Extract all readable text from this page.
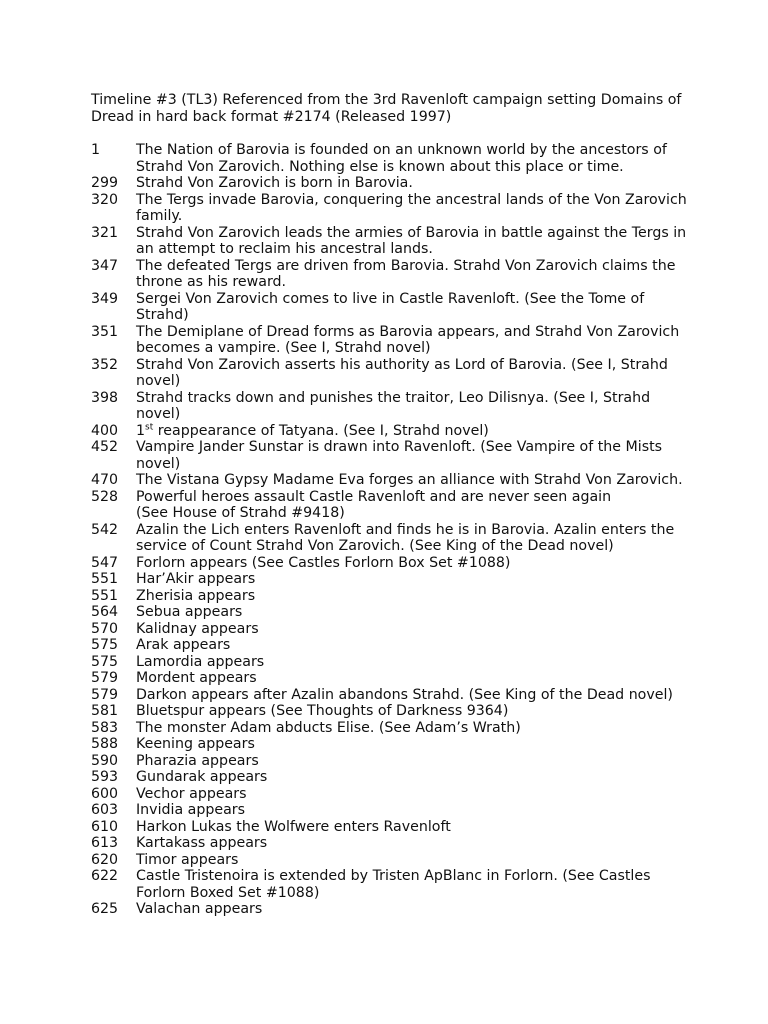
Timeline #3 (TL3) Referenced from the 3rd Ravenloft campaign setting Domains of Dread in hard back format #2174 (Released 1997)

1	The Nation of Barovia is founded on an unknown world by the ancestors of Strahd Von Zarovich. Nothing else is known about this place or time.
299	Strahd Von Zarovich is born in Barovia.
320	The Tergs invade Barovia, conquering the ancestral lands of the Von Zarovich family.
321	Strahd Von Zarovich leads the armies of Barovia in battle against the Tergs in an attempt to reclaim his ancestral lands.
347	The defeated Tergs are driven from Barovia. Strahd Von Zarovich claims the throne as his reward.
349	Sergei Von Zarovich comes to live in Castle Ravenloft. (See the Tome of Strahd)
351	The Demiplane of Dread forms as Barovia appears, and Strahd Von Zarovich becomes a vampire. (See I, Strahd novel)
352	Strahd Von Zarovich asserts his authority as Lord of Barovia. (See I, Strahd novel)
398	Strahd tracks down and punishes the traitor, Leo Dilisnya. (See I, Strahd novel)
400	1st reappearance of Tatyana. (See I, Strahd novel)
452	Vampire Jander Sunstar is drawn into Ravenloft. (See Vampire of the Mists novel)
470	The Vistana Gypsy Madame Eva forges an alliance with Strahd Von Zarovich.
528	Powerful heroes assault Castle Ravenloft and are never seen again
(See House of Strahd #9418)
542	Azalin the Lich enters Ravenloft and finds he is in Barovia. Azalin enters the service of Count Strahd Von Zarovich. (See King of the Dead novel)
547	Forlorn appears (See Castles Forlorn Box Set #1088)
551	Har’Akir appears
551	Zherisia appears
564	Sebua appears
570	Kalidnay appears
575	Arak appears
575	Lamordia appears
579	Mordent appears
579	Darkon appears after Azalin abandons Strahd. (See King of the Dead novel)
581	Bluetspur appears (See Thoughts of Darkness 9364)
583	The monster Adam abducts Elise. (See Adam’s Wrath)
588	Keening appears
590	Pharazia appears
593	Gundarak appears
600	Vechor appears
603	Invidia appears
610	Harkon Lukas the Wolfwere enters Ravenloft
613	Kartakass appears
620	Timor appears
622	Castle Tristenoira is extended by Tristen ApBlanc in Forlorn. (See Castles Forlorn Boxed Set #1088)
625	Valachan appears
